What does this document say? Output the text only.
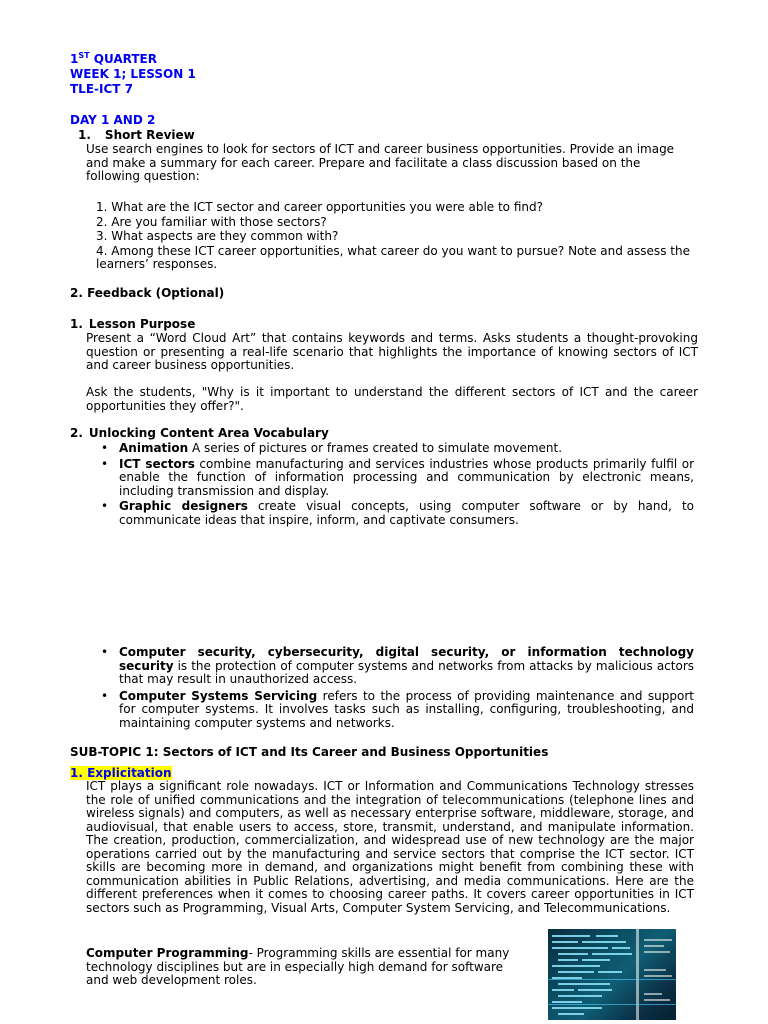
1ST QUARTER
WEEK 1; LESSON 1
TLE-ICT 7
DAY 1 AND 2
1. Short Review
Use search engines to look for sectors of ICT and career business opportunities. Provide an image and make a summary for each career. Prepare and facilitate a class discussion based on the following question:
1. What are the ICT sector and career opportunities you were able to find?
2. Are you familiar with those sectors?
3. What aspects are they common with?
4. Among these ICT career opportunities, what career do you want to pursue? Note and assess the learners’ responses.
2. Feedback (Optional)
1. Lesson Purpose
Present a “Word Cloud Art” that contains keywords and terms. Asks students a thought-provoking question or presenting a real-life scenario that highlights the importance of knowing sectors of ICT and career business opportunities.
Ask the students, "Why is it important to understand the different sectors of ICT and the career opportunities they offer?".
2. Unlocking Content Area Vocabulary
• Animation A series of pictures or frames created to simulate movement.
• ICT sectors combine manufacturing and services industries whose products primarily fulfil or enable the function of information processing and communication by electronic means, including transmission and display.
• Graphic designers create visual concepts, using computer software or by hand, to communicate ideas that inspire, inform, and captivate consumers.
• Computer security, cybersecurity, digital security, or information technology security is the protection of computer systems and networks from attacks by malicious actors that may result in unauthorized access.
• Computer Systems Servicing refers to the process of providing maintenance and support for computer systems. It involves tasks such as installing, configuring, troubleshooting, and maintaining computer systems and networks.
SUB-TOPIC 1: Sectors of ICT and Its Career and Business Opportunities
1. Explicitation
ICT plays a significant role nowadays. ICT or Information and Communications Technology stresses the role of unified communications and the integration of telecommunications (telephone lines and wireless signals) and computers, as well as necessary enterprise software, middleware, storage, and audiovisual, that enable users to access, store, transmit, understand, and manipulate information. The creation, production, commercialization, and widespread use of new technology are the major operations carried out by the manufacturing and service sectors that comprise the ICT sector. ICT skills are becoming more in demand, and organizations might benefit from combining these with communication abilities in Public Relations, advertising, and media communications. Here are the different preferences when it comes to choosing career paths. It covers career opportunities in ICT sectors such as Programming, Visual Arts, Computer System Servicing, and Telecommunications.
Computer Programming- Programming skills are essential for many technology disciplines but are in especially high demand for software and web development roles.
